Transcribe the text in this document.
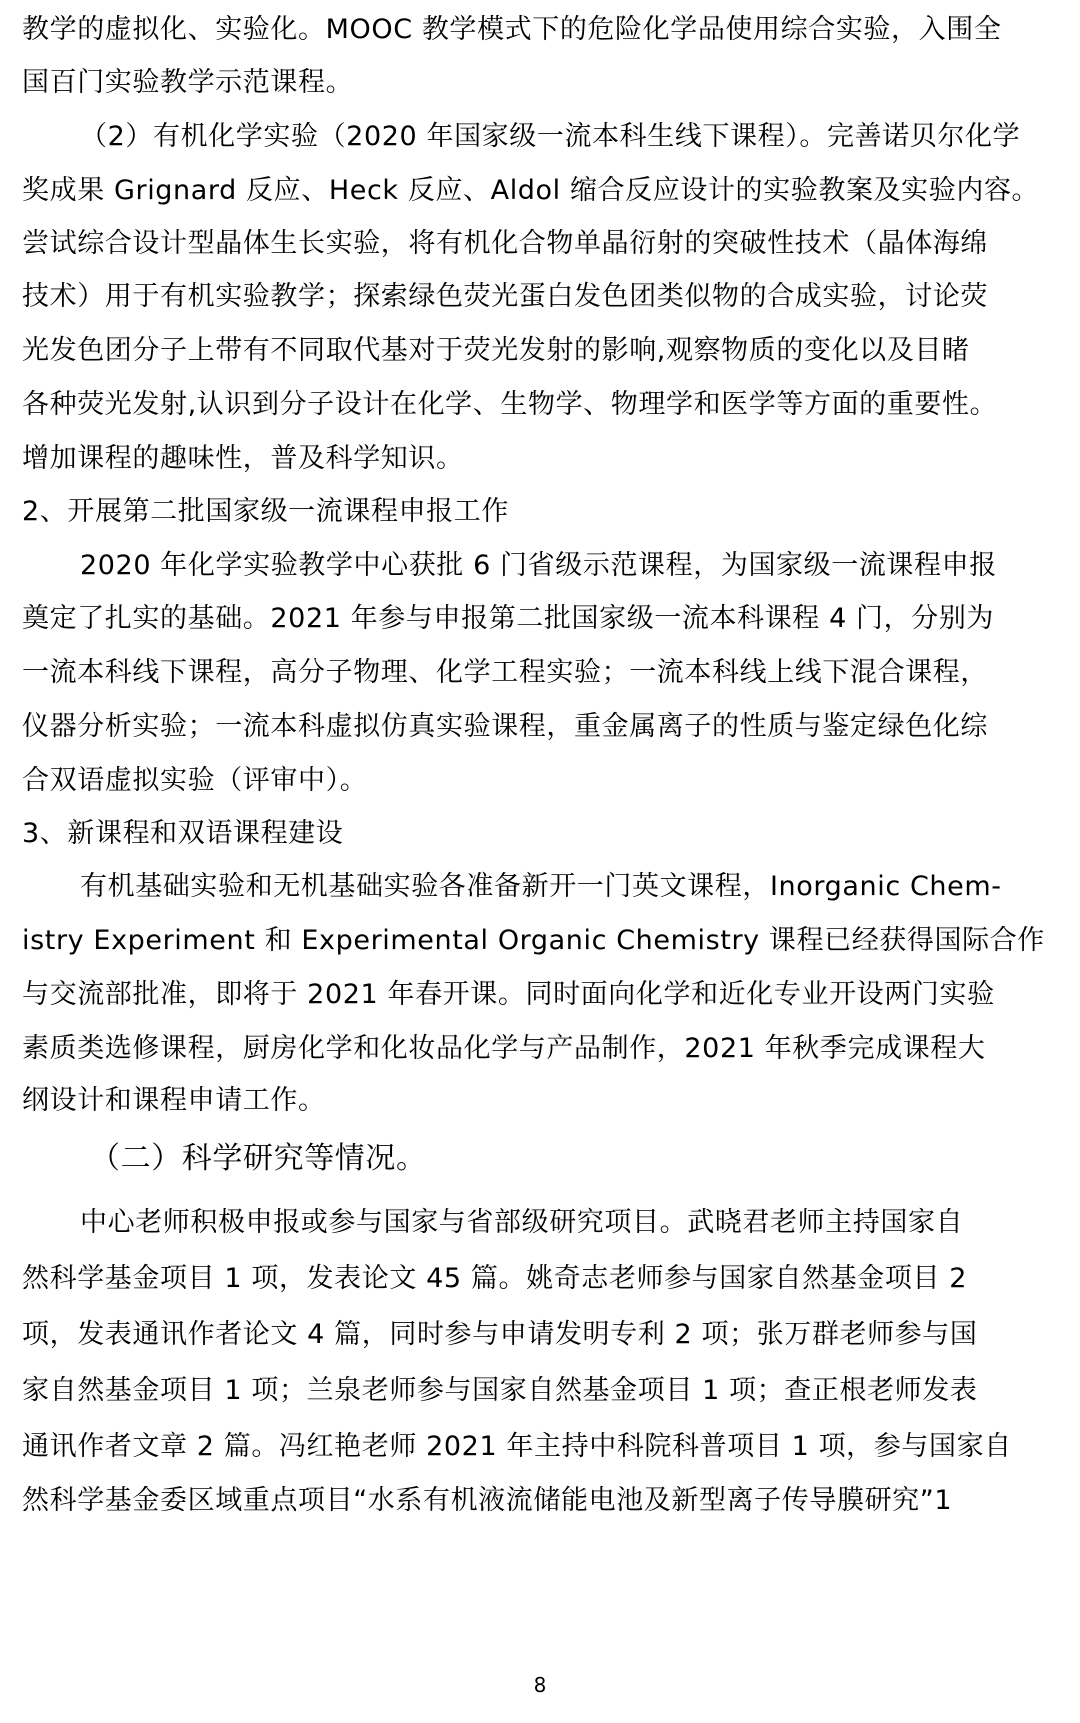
教学的虚拟化、实验化。MOOC 教学模式下的危险化学品使用综合实验，入围全
国百门实验教学示范课程。
（2）有机化学实验（2020 年国家级一流本科生线下课程）。完善诺贝尔化学
奖成果 Grignard 反应、Heck 反应、Aldol 缩合反应设计的实验教案及实验内容。
尝试综合设计型晶体生长实验，将有机化合物单晶衍射的突破性技术（晶体海绵
技术）用于有机实验教学；探索绿色荧光蛋白发色团类似物的合成实验，讨论荧
光发色团分子上带有不同取代基对于荧光发射的影响,观察物质的变化以及目睹
各种荧光发射,认识到分子设计在化学、生物学、物理学和医学等方面的重要性。
增加课程的趣味性，普及科学知识。
2、开展第二批国家级一流课程申报工作
2020 年化学实验教学中心获批 6 门省级示范课程，为国家级一流课程申报
奠定了扎实的基础。2021 年参与申报第二批国家级一流本科课程 4 门，分别为
一流本科线下课程，高分子物理、化学工程实验；一流本科线上线下混合课程，
仪器分析实验；一流本科虚拟仿真实验课程，重金属离子的性质与鉴定绿色化综
合双语虚拟实验（评审中）。
3、新课程和双语课程建设
有机基础实验和无机基础实验各准备新开一门英文课程，Inorganic Chem-
istry Experiment 和 Experimental Organic Chemistry 课程已经获得国际合作
与交流部批准，即将于 2021 年春开课。同时面向化学和近化专业开设两门实验
素质类选修课程，厨房化学和化妆品化学与产品制作，2021 年秋季完成课程大
纲设计和课程申请工作。
（二）科学研究等情况。
中心老师积极申报或参与国家与省部级研究项目。武晓君老师主持国家自
然科学基金项目 1 项，发表论文 45 篇。姚奇志老师参与国家自然基金项目 2
项，发表通讯作者论文 4 篇，同时参与申请发明专利 2 项；张万群老师参与国
家自然基金项目 1 项；兰泉老师参与国家自然基金项目 1 项；查正根老师发表
通讯作者文章 2 篇。冯红艳老师 2021 年主持中科院科普项目 1 项，参与国家自
然科学基金委区域重点项目“水系有机液流储能电池及新型离子传导膜研究”1
8
